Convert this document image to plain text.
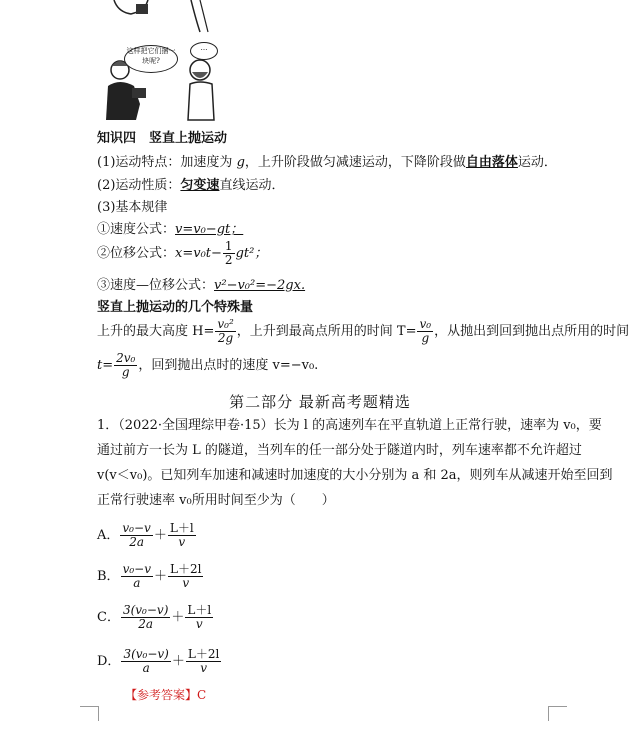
这样把它们捆一块呢?
…
知识四　竖直上抛运动
(1)运动特点：加速度为 g，上升阶段做匀减速运动，下降阶段做自由落体运动．
(2)运动性质：匀变速直线运动．
(3)基本规律
①速度公式：v=v₀−gt；
②位移公式：$x=v_0t- \frac{1}{2} gt^2$；
③速度—位移公式：v²−v₀²=−2gx.
竖直上抛运动的几个特殊量
上升的最大高度 $H= \frac{\text{v₀²}}{2g}$ ，上升到最高点所用的时间 $T= \frac{\text{v₀}}{g}$ ，从抛出到回到抛出点所用的时间
$t= \frac{\text{2v₀}}{g}$ ，回到抛出点时的速度 v=−v₀.
第二部分 最新高考题精选
1．（2022·全国理综甲卷·15）长为 l 的高速列车在平直轨道上正常行驶，速率为 v₀，要
通过前方一长为 L 的隧道，当列车的任一部分处于隧道内时，列车速率都不允许超过
v(v＜v₀)。已知列车加速和减速时加速度的大小分别为 a 和 2a，则列车从减速开始至回到
正常行驶速率 v₀所用时间至少为（　　）
A． $\frac{\text{v₀−v}}{2a} + \frac{L+l}{v}$
B． $\frac{\text{v₀−v}}{a} + \frac{L+2l}{v}$
C． $\frac{\text{3(v₀−v)}}{2a} + \frac{L+l}{v}$
D． $\frac{\text{3(v₀−v)}}{a} + \frac{L+2l}{v}$
【参考答案】C
